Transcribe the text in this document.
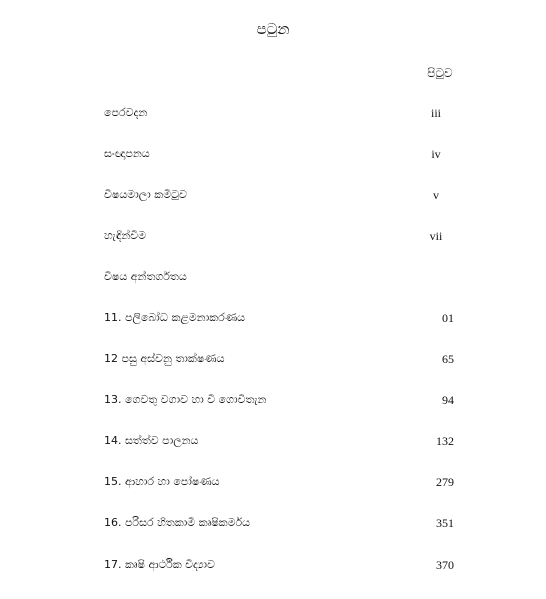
පටුන
පිටුව
පෙරවදන	iii
සංඥාපනය	iv
විෂයමාලා කමිටුව	v
හැඳින්වීම	vii
විෂය අන්තර්ගතය
11. පලිබෝධ කළමනාකරණය	01
12 පසු අස්වනු තාක්ෂණය	65
13. ගෙවතු වගාව හා වී ගොවිතැන	94
14. සත්ත්ව පාලනය	132
15. ආහාර හා පෝෂණය	279
16. පරිසර හිතකාමී කෘෂිකර්මය	351
17. කෘෂි ආර්ථික විද්‍යාව	370
